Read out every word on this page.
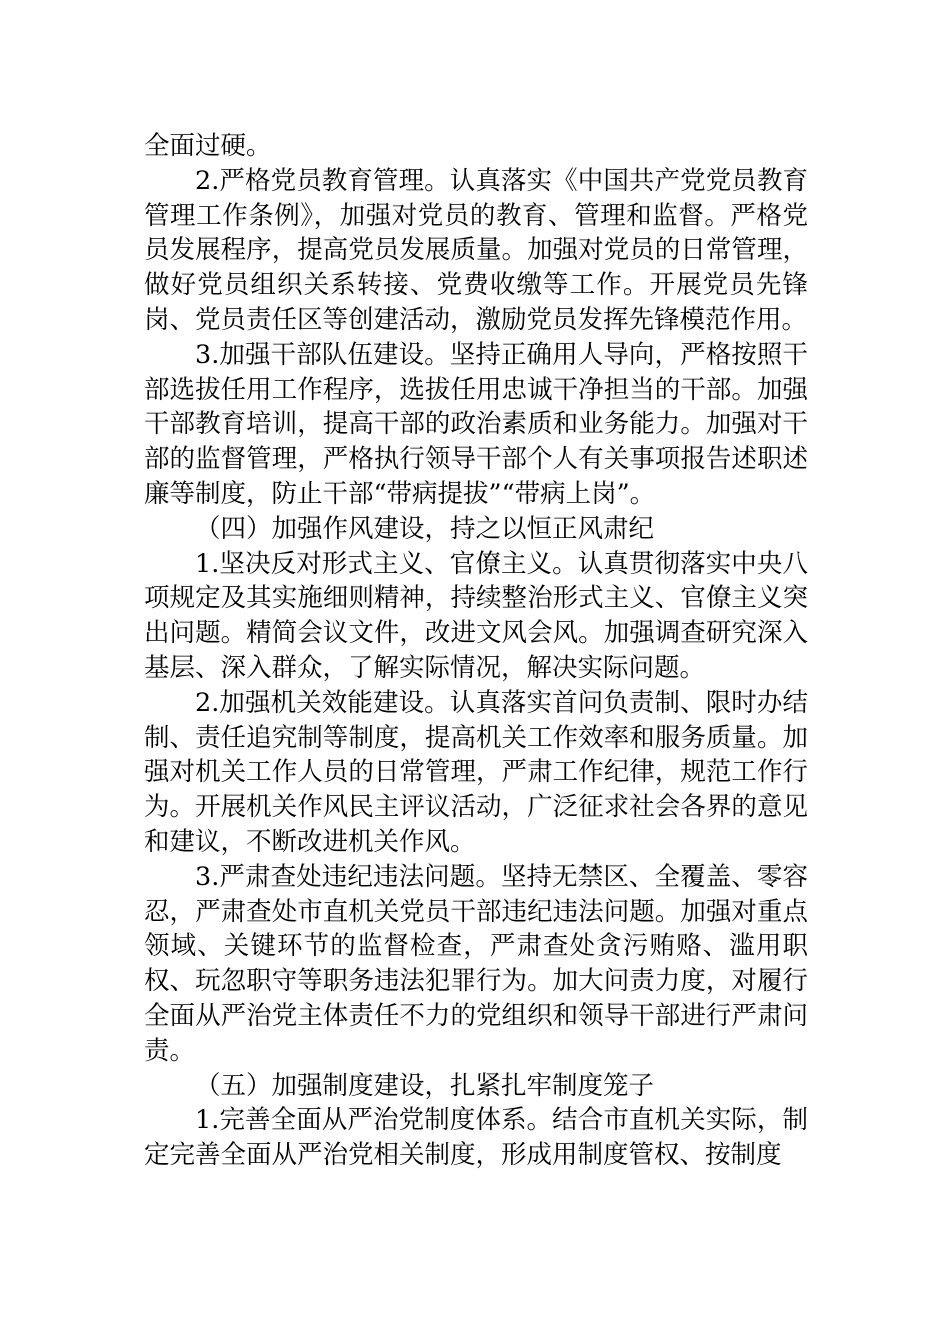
全面过硬。

2.严格党员教育管理。认真落实《中国共产党党员教育管理工作条例》，加强对党员的教育、管理和监督。严格党员发展程序，提高党员发展质量。加强对党员的日常管理，做好党员组织关系转接、党费收缴等工作。开展党员先锋岗、党员责任区等创建活动，激励党员发挥先锋模范作用。

3.加强干部队伍建设。坚持正确用人导向，严格按照干部选拔任用工作程序，选拔任用忠诚干净担当的干部。加强干部教育培训，提高干部的政治素质和业务能力。加强对干部的监督管理，严格执行领导干部个人有关事项报告述职述廉等制度，防止干部“带病提拔”“带病上岗”。

（四）加强作风建设，持之以恒正风肃纪

1.坚决反对形式主义、官僚主义。认真贯彻落实中央八项规定及其实施细则精神，持续整治形式主义、官僚主义突出问题。精简会议文件，改进文风会风。加强调查研究深入基层、深入群众，了解实际情况，解决实际问题。

2.加强机关效能建设。认真落实首问负责制、限时办结制、责任追究制等制度，提高机关工作效率和服务质量。加强对机关工作人员的日常管理，严肃工作纪律，规范工作行为。开展机关作风民主评议活动，广泛征求社会各界的意见和建议，不断改进机关作风。

3.严肃查处违纪违法问题。坚持无禁区、全覆盖、零容忍，严肃查处市直机关党员干部违纪违法问题。加强对重点领域、关键环节的监督检查，严肃查处贪污贿赂、滥用职权、玩忽职守等职务违法犯罪行为。加大问责力度，对履行全面从严治党主体责任不力的党组织和领导干部进行严肃问责。

（五）加强制度建设，扎紧扎牢制度笼子

1.完善全面从严治党制度体系。结合市直机关实际，制定完善全面从严治党相关制度，形成用制度管权、按制度
